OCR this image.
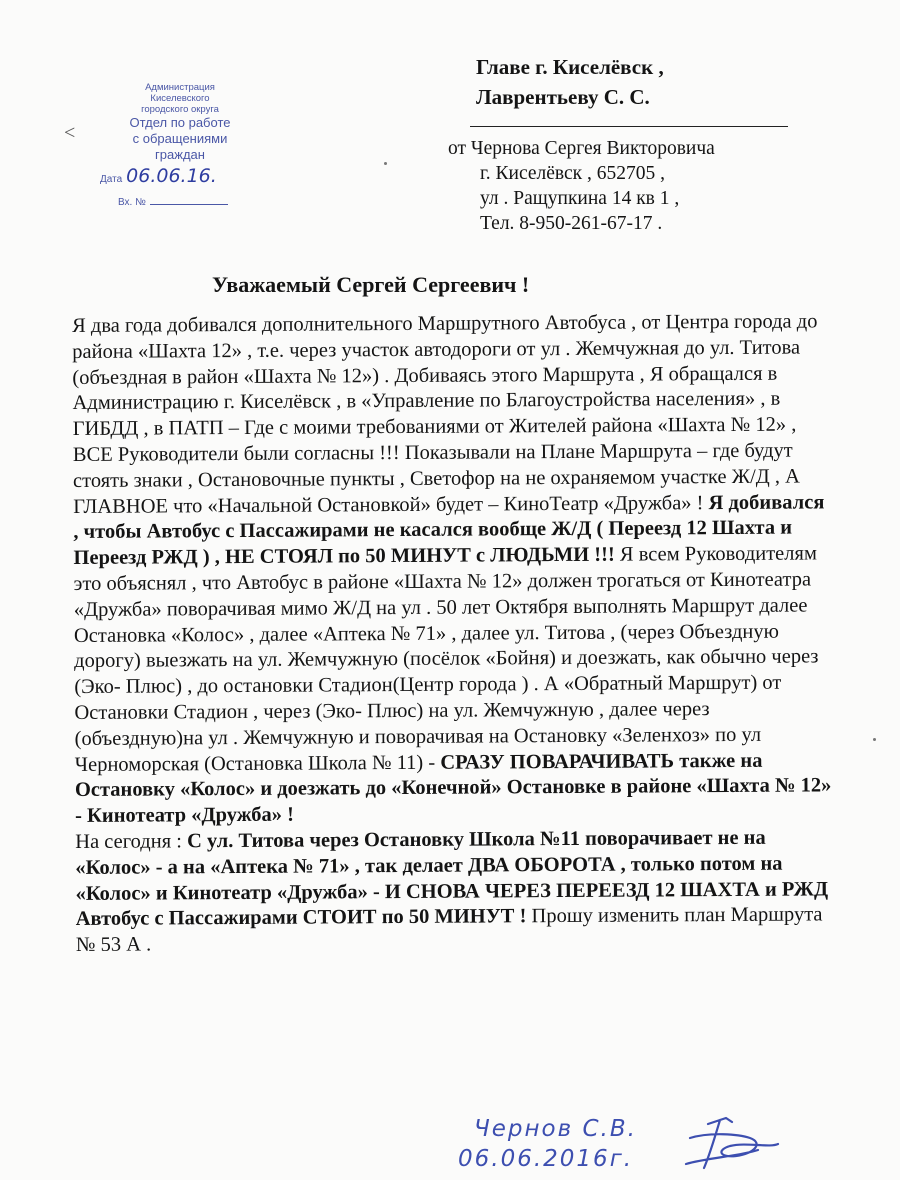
Администрация
Киселевского
городского округа
Отдел по работе
с обращениями
граждан
Дата 06.06.16.
Вх. №
<
Главе г. Киселёвск ,
Лаврентьеву С. С.
от Чернова Сергея Викторовича
г. Киселёвск , 652705 ,
ул . Ращупкина 14 кв 1 ,
Тел. 8-950-261-67-17 .
Уважаемый Сергей Сергеевич !

Я два года добивался дополнительного Маршрутного Автобуса , от Центра города до района «Шахта 12» , т.е. через участок автодороги от ул . Жемчужная до ул. Титова (объездная в район «Шахта № 12») . Добиваясь этого Маршрута , Я обращался в Администрацию г. Киселёвск , в «Управление по Благоустройства населения» , в ГИБДД , в ПАТП – Где с моими требованиями от Жителей района «Шахта № 12» , ВСЕ Руководители были согласны !!! Показывали на Плане Маршрута – где будут стоять знаки , Остановочные пункты , Светофор на не охраняемом участке Ж/Д , А ГЛАВНОЕ что «Начальной Остановкой» будет – КиноТеатр «Дружба» ! Я добивался , чтобы Автобус с Пассажирами не касался вообще Ж/Д ( Переезд 12 Шахта и Переезд РЖД ) , НЕ СТОЯЛ по 50 МИНУТ с ЛЮДЬМИ !!! Я всем Руководителям это объяснял , что Автобус в районе «Шахта № 12» должен трогаться от Кинотеатра «Дружба» поворачивая мимо Ж/Д на ул . 50 лет Октября выполнять Маршрут далее Остановка «Колос» , далее «Аптека № 71» , далее ул. Титова , (через Объездную дорогу) выезжать на ул. Жемчужную (посёлок «Бойня) и доезжать, как обычно через (Эко- Плюс) , до остановки Стадион(Центр города ) . А «Обратный Маршрут) от Остановки Стадион , через (Эко- Плюс) на ул. Жемчужную , далее через (объездную)на ул . Жемчужную и поворачивая на Остановку «Зеленхоз» по ул Черноморская (Остановка Школа № 11) - СРАЗУ ПОВАРАЧИВАТЬ также на Остановку «Колос» и доезжать до «Конечной» Остановке в районе «Шахта № 12» - Кинотеатр «Дружба» !

На сегодня : С ул. Титова через Остановку Школа №11 поворачивает не на «Колос» - а на «Аптека № 71» , так делает ДВА ОБОРОТА , только потом на «Колос» и Кинотеатр «Дружба» - И СНОВА ЧЕРЕЗ ПЕРЕЕЗД 12 ШАХТА и РЖД Автобус с Пассажирами СТОИТ по 50 МИНУТ ! Прошу изменить план Маршрута № 53 А .

Чернов С.В.
06.06.2016г.
